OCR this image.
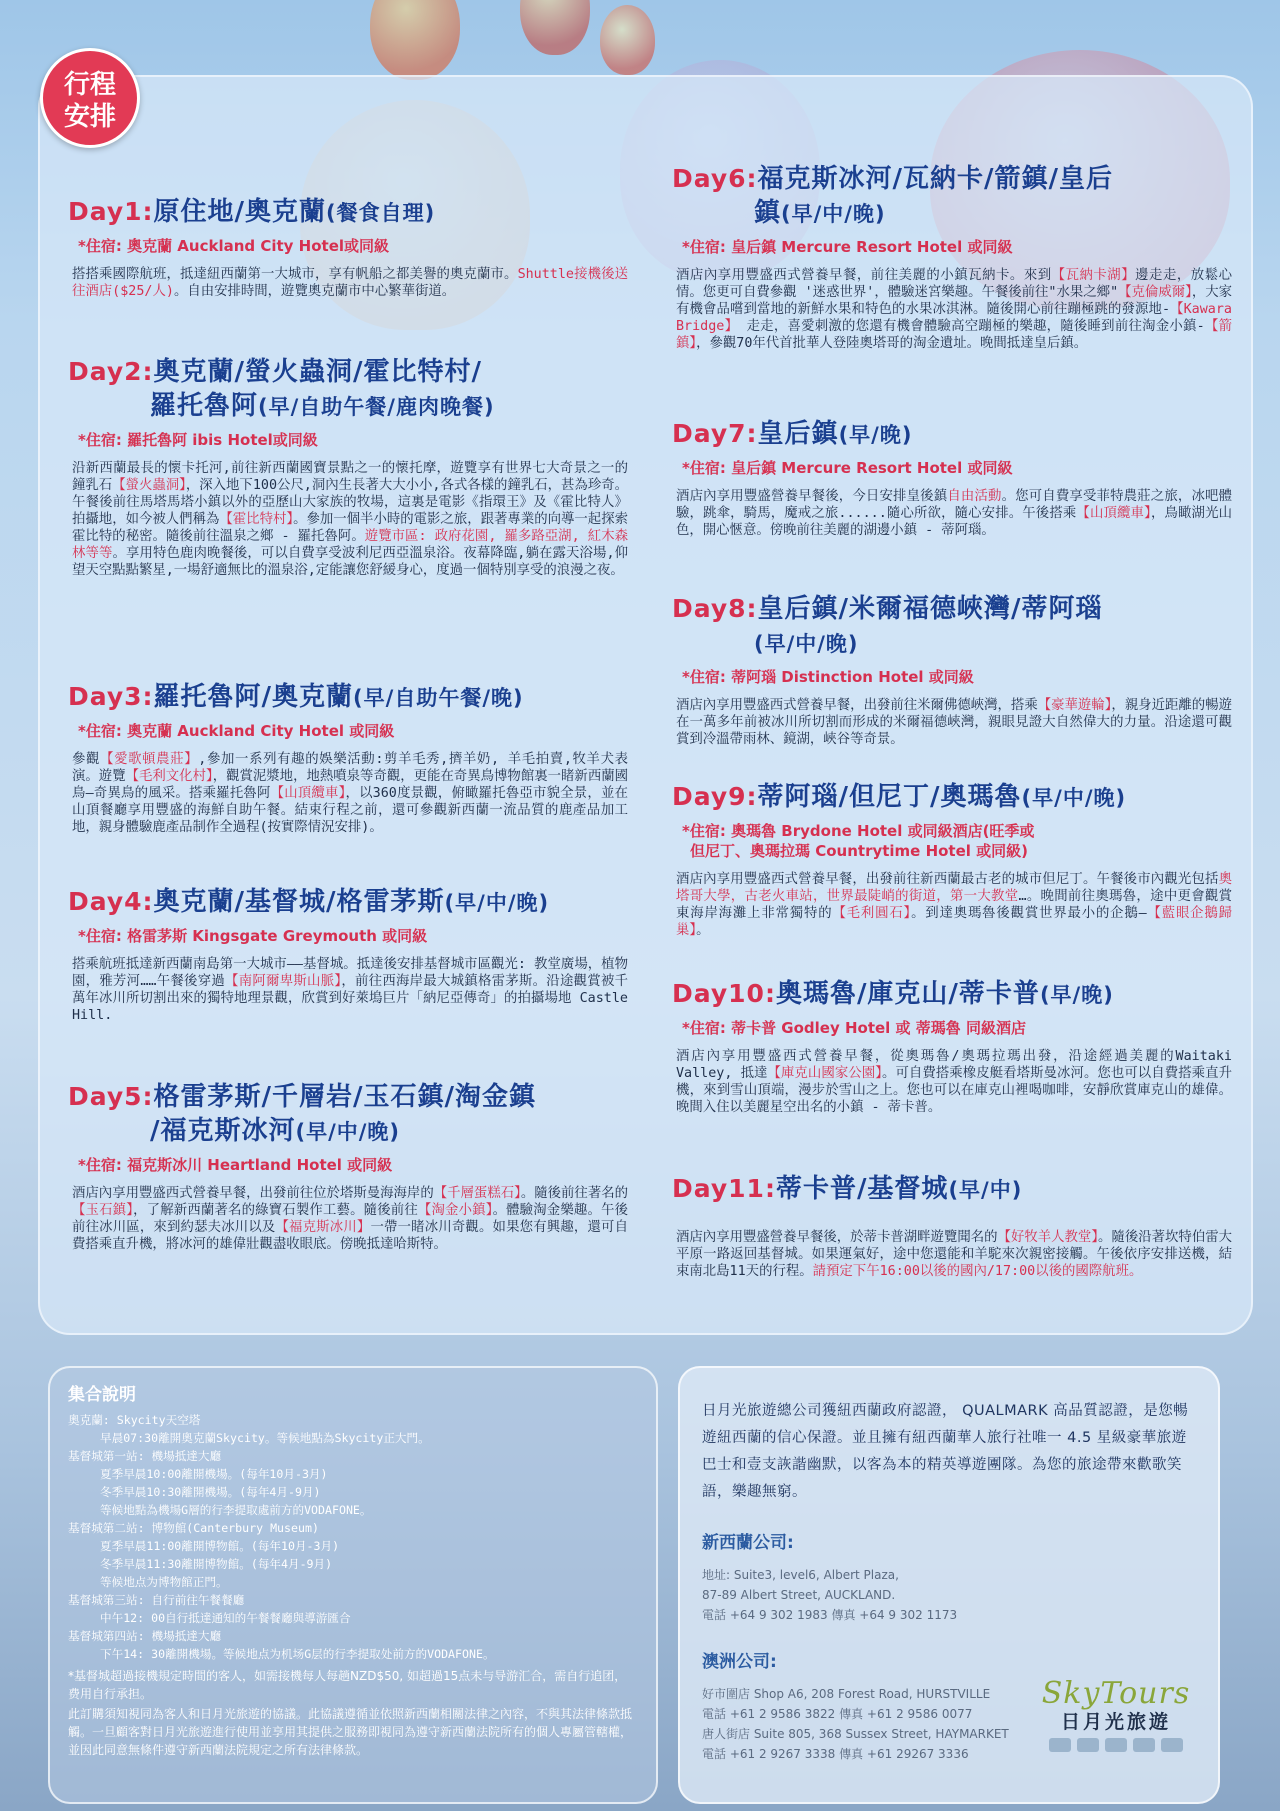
行程
安排
Day1:原住地/奧克蘭(餐食自理)
*住宿: 奧克蘭 Auckland City Hotel或同級
搭搭乘國際航班，抵達紐西蘭第一大城市，享有帆船之都美譽的奧克蘭市。Shuttle接機後送往酒店($25/人)。自由安排時間，遊覽奧克蘭市中心繁華街道。
Day2:奧克蘭/螢火蟲洞/霍比特村/
羅托魯阿(早/自助午餐/鹿肉晚餐)
*住宿: 羅托魯阿 ibis Hotel或同級
沿新西蘭最長的懷卡托河,前往新西蘭國寶景點之一的懷托摩，遊覽享有世界七大奇景之一的鐘乳石【螢火蟲洞】，深入地下100公尺,洞內生長著大大小小,各式各樣的鐘乳石，甚為珍奇。午餐後前往馬塔馬塔小鎮以外的亞歷山大家族的牧場，這裏是電影《指環王》及《霍比特人》拍攝地，如今被人們稱為【霍比特村】。參加一個半小時的電影之旅，跟著專業的向導一起探索霍比特的秘密。隨後前往溫泉之鄉 - 羅托魯阿。遊覽市區: 政府花園, 羅多路亞湖, 紅木森林等等。享用特色鹿肉晚餐後，可以自費享受波利尼西亞溫泉浴。夜幕降臨,躺在露天浴場,仰望天空點點繁星,一場舒適無比的溫泉浴,定能讓您舒緩身心，度過一個特別享受的浪漫之夜。
Day3:羅托魯阿/奧克蘭(早/自助午餐/晚)
*住宿: 奧克蘭 Auckland City Hotel 或同級
參觀【愛歌頓農莊】,參加一系列有趣的娛樂活動:剪羊毛秀,擠羊奶, 羊毛拍賣,牧羊犬表演。遊覽【毛利文化村】，觀賞泥漿地，地熱噴泉等奇觀，更能在奇異鳥博物館裏一睹新西蘭國鳥—奇異鳥的風采。搭乘羅托魯阿【山頂纜車】，以360度景觀，俯瞰羅托魯亞市貌全景，並在山頂餐廳享用豐盛的海鮮自助午餐。結束行程之前，還可參觀新西蘭一流品質的鹿產品加工地，親身體驗鹿產品制作全過程(按實際情況安排)。
Day4:奧克蘭/基督城/格雷茅斯(早/中/晚)
*住宿: 格雷茅斯 Kingsgate Greymouth 或同級
搭乘航班抵達新西蘭南島第一大城市——基督城。抵達後安排基督城市區觀光: 教堂廣場，植物園，雅芳河……午餐後穿過【南阿爾卑斯山脈】，前往西海岸最大城鎮格雷茅斯。沿途觀賞被千萬年冰川所切割出來的獨特地理景觀，欣賞到好萊塢巨片「納尼亞傳奇」的拍攝場地 Castle Hill.
Day5:格雷茅斯/千層岩/玉石鎮/淘金鎮
/福克斯冰河(早/中/晚)
*住宿: 福克斯冰川 Heartland Hotel 或同級
酒店內享用豐盛西式營養早餐，出發前往位於塔斯曼海海岸的【千層蛋糕石】。隨後前往著名的【玉石鎮】，了解新西蘭著名的綠寶石製作工藝。隨後前往【淘金小鎮】。體驗淘金樂趣。午後前往冰川區，來到約瑟夫冰川以及【福克斯冰川】一帶一睹冰川奇觀。如果您有興趣，還可自費搭乘直升機，將冰河的雄偉壯觀盡收眼底。傍晚抵達哈斯特。
Day6:福克斯冰河/瓦納卡/箭鎮/皇后
鎮(早/中/晚)
*住宿: 皇后鎮 Mercure Resort Hotel 或同級
酒店內享用豐盛西式營養早餐，前往美麗的小鎮瓦納卡。來到【瓦納卡湖】邊走走，放鬆心情。您更可自費參觀 '迷惑世界'，體驗迷宮樂趣。午餐後前往"水果之鄉"【克倫威爾】，大家有機會品嚐到當地的新鮮水果和特色的水果冰淇淋。隨後開心前往蹦極跳的發源地-【Kawara Bridge】 走走，喜愛刺激的您還有機會體驗高空蹦極的樂趣，隨後睡到前往淘金小鎮-【箭鎮】，參觀70年代首批華人登陸奧塔哥的淘金遺址。晚間抵達皇后鎮。
Day7:皇后鎮(早/晚)
*住宿: 皇后鎮 Mercure Resort Hotel 或同級
酒店內享用豐盛營養早餐後，今日安排皇後鎮自由活動。您可自費享受菲特農莊之旅，冰吧體驗，跳傘，騎馬，魔戒之旅......隨心所欲，隨心安排。午後搭乘【山頂纜車】，鳥瞰湖光山色，開心愜意。傍晚前往美麗的湖邊小鎮 - 蒂阿瑙。
Day8:皇后鎮/米爾福德峽灣/蒂阿瑙
(早/中/晚)
*住宿: 蒂阿瑙 Distinction Hotel 或同級
酒店內享用豐盛西式營養早餐，出發前往米爾佛德峽灣，搭乘【豪華遊輪】，親身近距離的暢遊在一萬多年前被冰川所切割而形成的米爾福德峽灣，親眼見證大自然偉大的力量。沿途還可觀賞到冷溫帶雨林、鏡湖，峽谷等奇景。
Day9:蒂阿瑙/但尼丁/奧瑪魯(早/中/晚)
*住宿: 奧瑪魯 Brydone Hotel 或同級酒店(旺季或
但尼丁、奧瑪拉瑪 Countrytime Hotel 或同級)
酒店內享用豐盛西式營養早餐，出發前往新西蘭最古老的城市但尼丁。午餐後市內觀光包括奧塔哥大學，古老火車站，世界最陡峭的街道，第一大教堂…。晚間前往奧瑪魯，途中更會觀賞東海岸海灘上非常獨特的【毛利圓石】。到達奧瑪魯後觀賞世界最小的企鵝—【藍眼企鵝歸巢】。
Day10:奧瑪魯/庫克山/蒂卡普(早/晚)
*住宿: 蒂卡普 Godley Hotel 或 蒂瑪魯 同級酒店
酒店內享用豐盛西式營養早餐，從奧瑪魯/奧瑪拉瑪出發，沿途經過美麗的Waitaki Valley, 抵達【庫克山國家公園】。可自費搭乘橡皮艇看塔斯曼冰河。您也可以自費搭乘直升機，來到雪山頂端，漫步於雪山之上。您也可以在庫克山裡喝咖啡，安靜欣賞庫克山的雄偉。晚間入住以美麗星空出名的小鎮 - 蒂卡普。
Day11:蒂卡普/基督城(早/中)
酒店內享用豐盛營養早餐後，於蒂卡普湖畔遊覽聞名的【好牧羊人教堂】。隨後沿著坎特伯雷大平原一路返回基督城。如果運氣好，途中您還能和羊駝來次親密接觸。午後依序安排送機，結束南北島11天的行程。請預定下午16:00以後的國內/17:00以後的國際航班。
集合說明
奧克蘭: Skycity天空塔
早晨07:30離開奧克蘭Skycity。等候地點為Skycity正大門。
基督城第一站: 機場抵達大廳
夏季早晨10:00離開機場。(每年10月-3月)
冬季早晨10:30離開機場。(每年4月-9月)
等候地點為機場G層的行李提取處前方的VODAFONE。
基督城第二站: 博物館(Canterbury Museum)
夏季早晨11:00離開博物館。(每年10月-3月)
冬季早晨11:30離開博物館。(每年4月-9月)
等候地点为博物館正門。
基督城第三站: 自行前往午餐餐廳
中午12: 00自行抵達通知的午餐餐廳與導游匯合
基督城第四站: 機場抵達大廳
下午14: 30離開機場。等候地点为机场G层的行李提取处前方的VODAFONE。

*基督城超過接機規定時間的客人，如需接機每人每趟NZD$50, 如超過15点未与导游汇合，需自行追团，费用自行承担。

此訂購須知視同為客人和日月光旅遊的協議。此協議遵循並依照新西蘭相關法律之內容，不與其法律條款抵觸。一旦顧客對日月光旅遊進行使用並享用其提供之服務即視同為遵守新西蘭法院所有的個人專屬管轄權，並因此同意無條件遵守新西蘭法院規定之所有法律條款。

日月光旅遊總公司獲紐西蘭政府認證， QUALMARK 高品質認證，是您暢遊紐西蘭的信心保證。並且擁有紐西蘭華人旅行社唯一 4.5 星級豪華旅遊巴士和壹支詼諧幽默，以客為本的精英導遊團隊。為您的旅途帶來歡歌笑語，樂趣無窮。
新西蘭公司:
地址: Suite3, level6, Albert Plaza,
87-89 Albert Street, AUCKLAND.
電話 +64 9 302 1983 傳真 +64 9 302 1173
澳洲公司:
好市圍店 Shop A6, 208 Forest Road, HURSTVILLE
電話 +61 2 9586 3822 傳真 +61 2 9586 0077
唐人街店 Suite 805, 368 Sussex Street, HAYMARKET
電話 +61 2 9267 3338 傳真 +61 29267 3336
SkyTours
日月光旅遊
